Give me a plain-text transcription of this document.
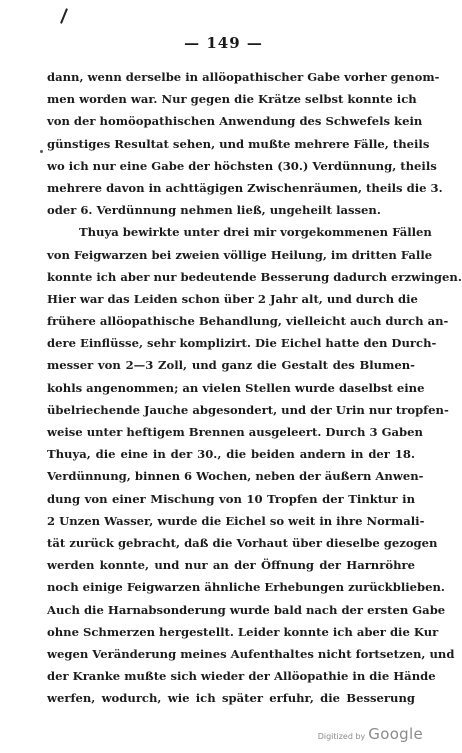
— 149 —
dann, wenn derselbe in allöopathischer Gabe vorher genom-
men worden war. Nur gegen die Krätze selbst konnte ich
von der homöopathischen Anwendung des Schwefels kein
günstiges Resultat sehen, und mußte mehrere Fälle, theils
wo ich nur eine Gabe der höchsten (30.) Verdünnung, theils
mehrere davon in achttägigen Zwischenräumen, theils die 3.
oder 6. Verdünnung nehmen ließ, ungeheilt lassen.
Thuya bewirkte unter drei mir vorgekommenen Fällen
von Feigwarzen bei zweien völlige Heilung, im dritten Falle
konnte ich aber nur bedeutende Besserung dadurch erzwingen.
Hier war das Leiden schon über 2 Jahr alt, und durch die
frühere allöopathische Behandlung, vielleicht auch durch an-
dere Einflüsse, sehr komplizirt. Die Eichel hatte den Durch-
messer von 2—3 Zoll, und ganz die Gestalt des Blumen-
kohls angenommen; an vielen Stellen wurde daselbst eine
übelriechende Jauche abgesondert, und der Urin nur tropfen-
weise unter heftigem Brennen ausgeleert. Durch 3 Gaben
Thuya, die eine in der 30., die beiden andern in der 18.
Verdünnung, binnen 6 Wochen, neben der äußern Anwen-
dung von einer Mischung von 10 Tropfen der Tinktur in
2 Unzen Wasser, wurde die Eichel so weit in ihre Normali-
tät zurück gebracht, daß die Vorhaut über dieselbe gezogen
werden konnte, und nur an der Öffnung der Harnröhre
noch einige Feigwarzen ähnliche Erhebungen zurückblieben.
Auch die Harnabsonderung wurde bald nach der ersten Gabe
ohne Schmerzen hergestellt. Leider konnte ich aber die Kur
wegen Veränderung meines Aufenthaltes nicht fortsetzen, und
der Kranke mußte sich wieder der Allöopathie in die Hände
werfen, wodurch, wie ich später erfuhr, die Besserung
Digitized by Google
